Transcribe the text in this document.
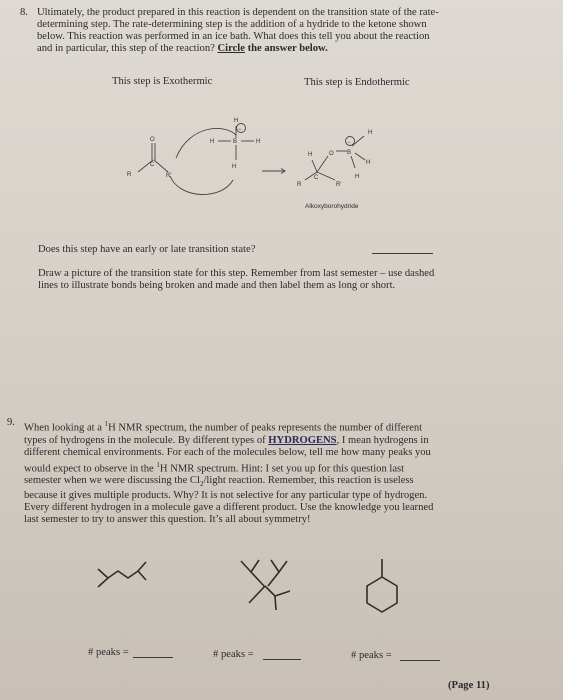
8. Ultimately, the product prepared in this reaction is dependent on the transition state of the rate-
determining step. The rate-determining step is the addition of a hydride to the ketone shown
below. This reaction was performed in an ice bath. What does this tell you about the reaction
and in particular, this step of the reaction? Circle the answer below.
This step is Exothermic	This step is Endothermic
O
C
R	R'
H
H	B	H
H
−	H
H	O B
H
H
−
C
R	R'
Alkoxyborohydride
Does this step have an early or late transition state?
Draw a picture of the transition state for this step. Remember from last semester – use dashed
lines to illustrate bonds being broken and made and then label them as long or short.
9.
When looking at a $^1$H NMR spectrum, the number of peaks represents the number of different
types of hydrogens in the molecule. By different types of HYDROGENS, I mean hydrogens in
different chemical environments. For each of the molecules below, tell me how many peaks you
would expect to observe in the $^1$H NMR spectrum. Hint: I set you up for this question last
semester when we were discussing the $Cl_2$/light reaction. Remember, this reaction is useless
because it gives multiple products. Why? It is not selective for any particular type of hydrogen.
Every different hydrogen in a molecule gave a different product. Use the knowledge you learned
last semester to try to answer this question. It’s all about symmetry!
# peaks =	# peaks =	# peaks =
(Page 11)
